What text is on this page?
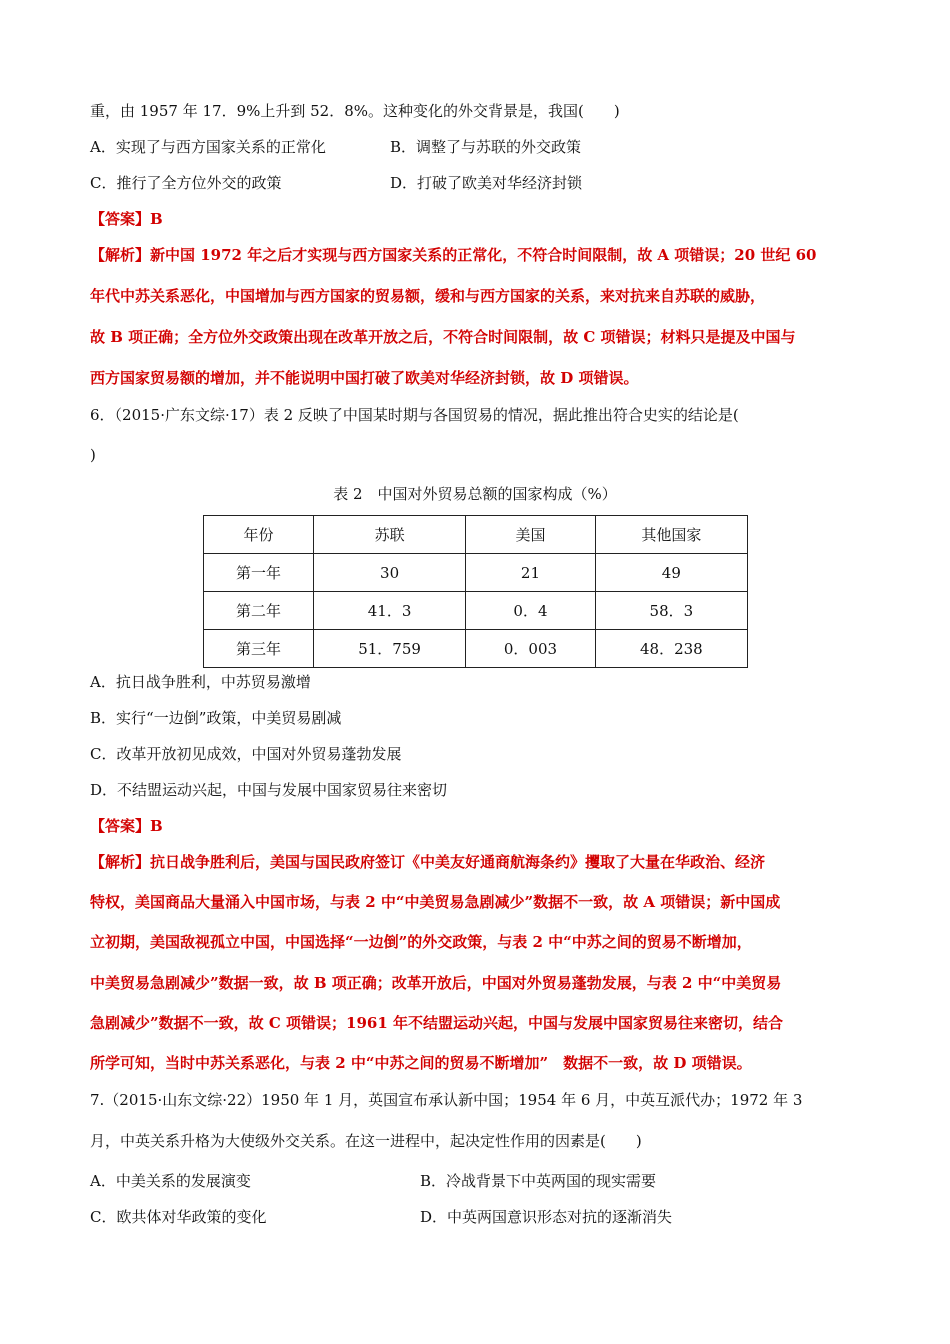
重，由 1957 年 17．9%上升到 52．8%。这种变化的外交背景是，我国(　　)
A．实现了与西方国家关系的正常化	B．调整了与苏联的外交政策
C．推行了全方位外交的政策	D．打破了欧美对华经济封锁
【答案】B
【解析】新中国 1972 年之后才实现与西方国家关系的正常化，不符合时间限制，故 A 项错误；20 世纪 60
年代中苏关系恶化，中国增加与西方国家的贸易额，缓和与西方国家的关系，来对抗来自苏联的威胁，
故 B 项正确；全方位外交政策出现在改革开放之后，不符合时间限制，故 C 项错误；材料只是提及中国与
西方国家贸易额的增加，并不能说明中国打破了欧美对华经济封锁，故 D 项错误。
6．（2015·广东文综·17）表 2 反映了中国某时期与各国贸易的情况，据此推出符合史实的结论是(
)
表 2　中国对外贸易总额的国家构成（%）
年份	苏联	美国	其他国家
第一年	30	21	49
第二年	41．3	0．4	58．3
第三年	51．759	0．003	48．238
A．抗日战争胜利，中苏贸易激增
B．实行“一边倒”政策，中美贸易剧减
C．改革开放初见成效，中国对外贸易蓬勃发展
D．不结盟运动兴起，中国与发展中国家贸易往来密切
【答案】B
【解析】抗日战争胜利后，美国与国民政府签订《中美友好通商航海条约》攫取了大量在华政治、经济
特权，美国商品大量涌入中国市场，与表 2 中“中美贸易急剧减少”数据不一致，故 A 项错误；新中国成
立初期，美国敌视孤立中国，中国选择“一边倒”的外交政策，与表 2 中“中苏之间的贸易不断增加，
中美贸易急剧减少”数据一致，故 B 项正确；改革开放后，中国对外贸易蓬勃发展，与表 2 中“中美贸易
急剧减少”数据不一致，故 C 项错误；1961 年不结盟运动兴起，中国与发展中国家贸易往来密切，结合
所学可知，当时中苏关系恶化，与表 2 中“中苏之间的贸易不断增加”　数据不一致，故 D 项错误。
7.（2015·山东文综·22）1950 年 1 月，英国宣布承认新中国；1954 年 6 月，中英互派代办；1972 年 3
月，中英关系升格为大使级外交关系。在这一进程中，起决定性作用的因素是(　　)
A．中美关系的发展演变	B．冷战背景下中英两国的现实需要
C．欧共体对华政策的变化	D．中英两国意识形态对抗的逐渐消失
